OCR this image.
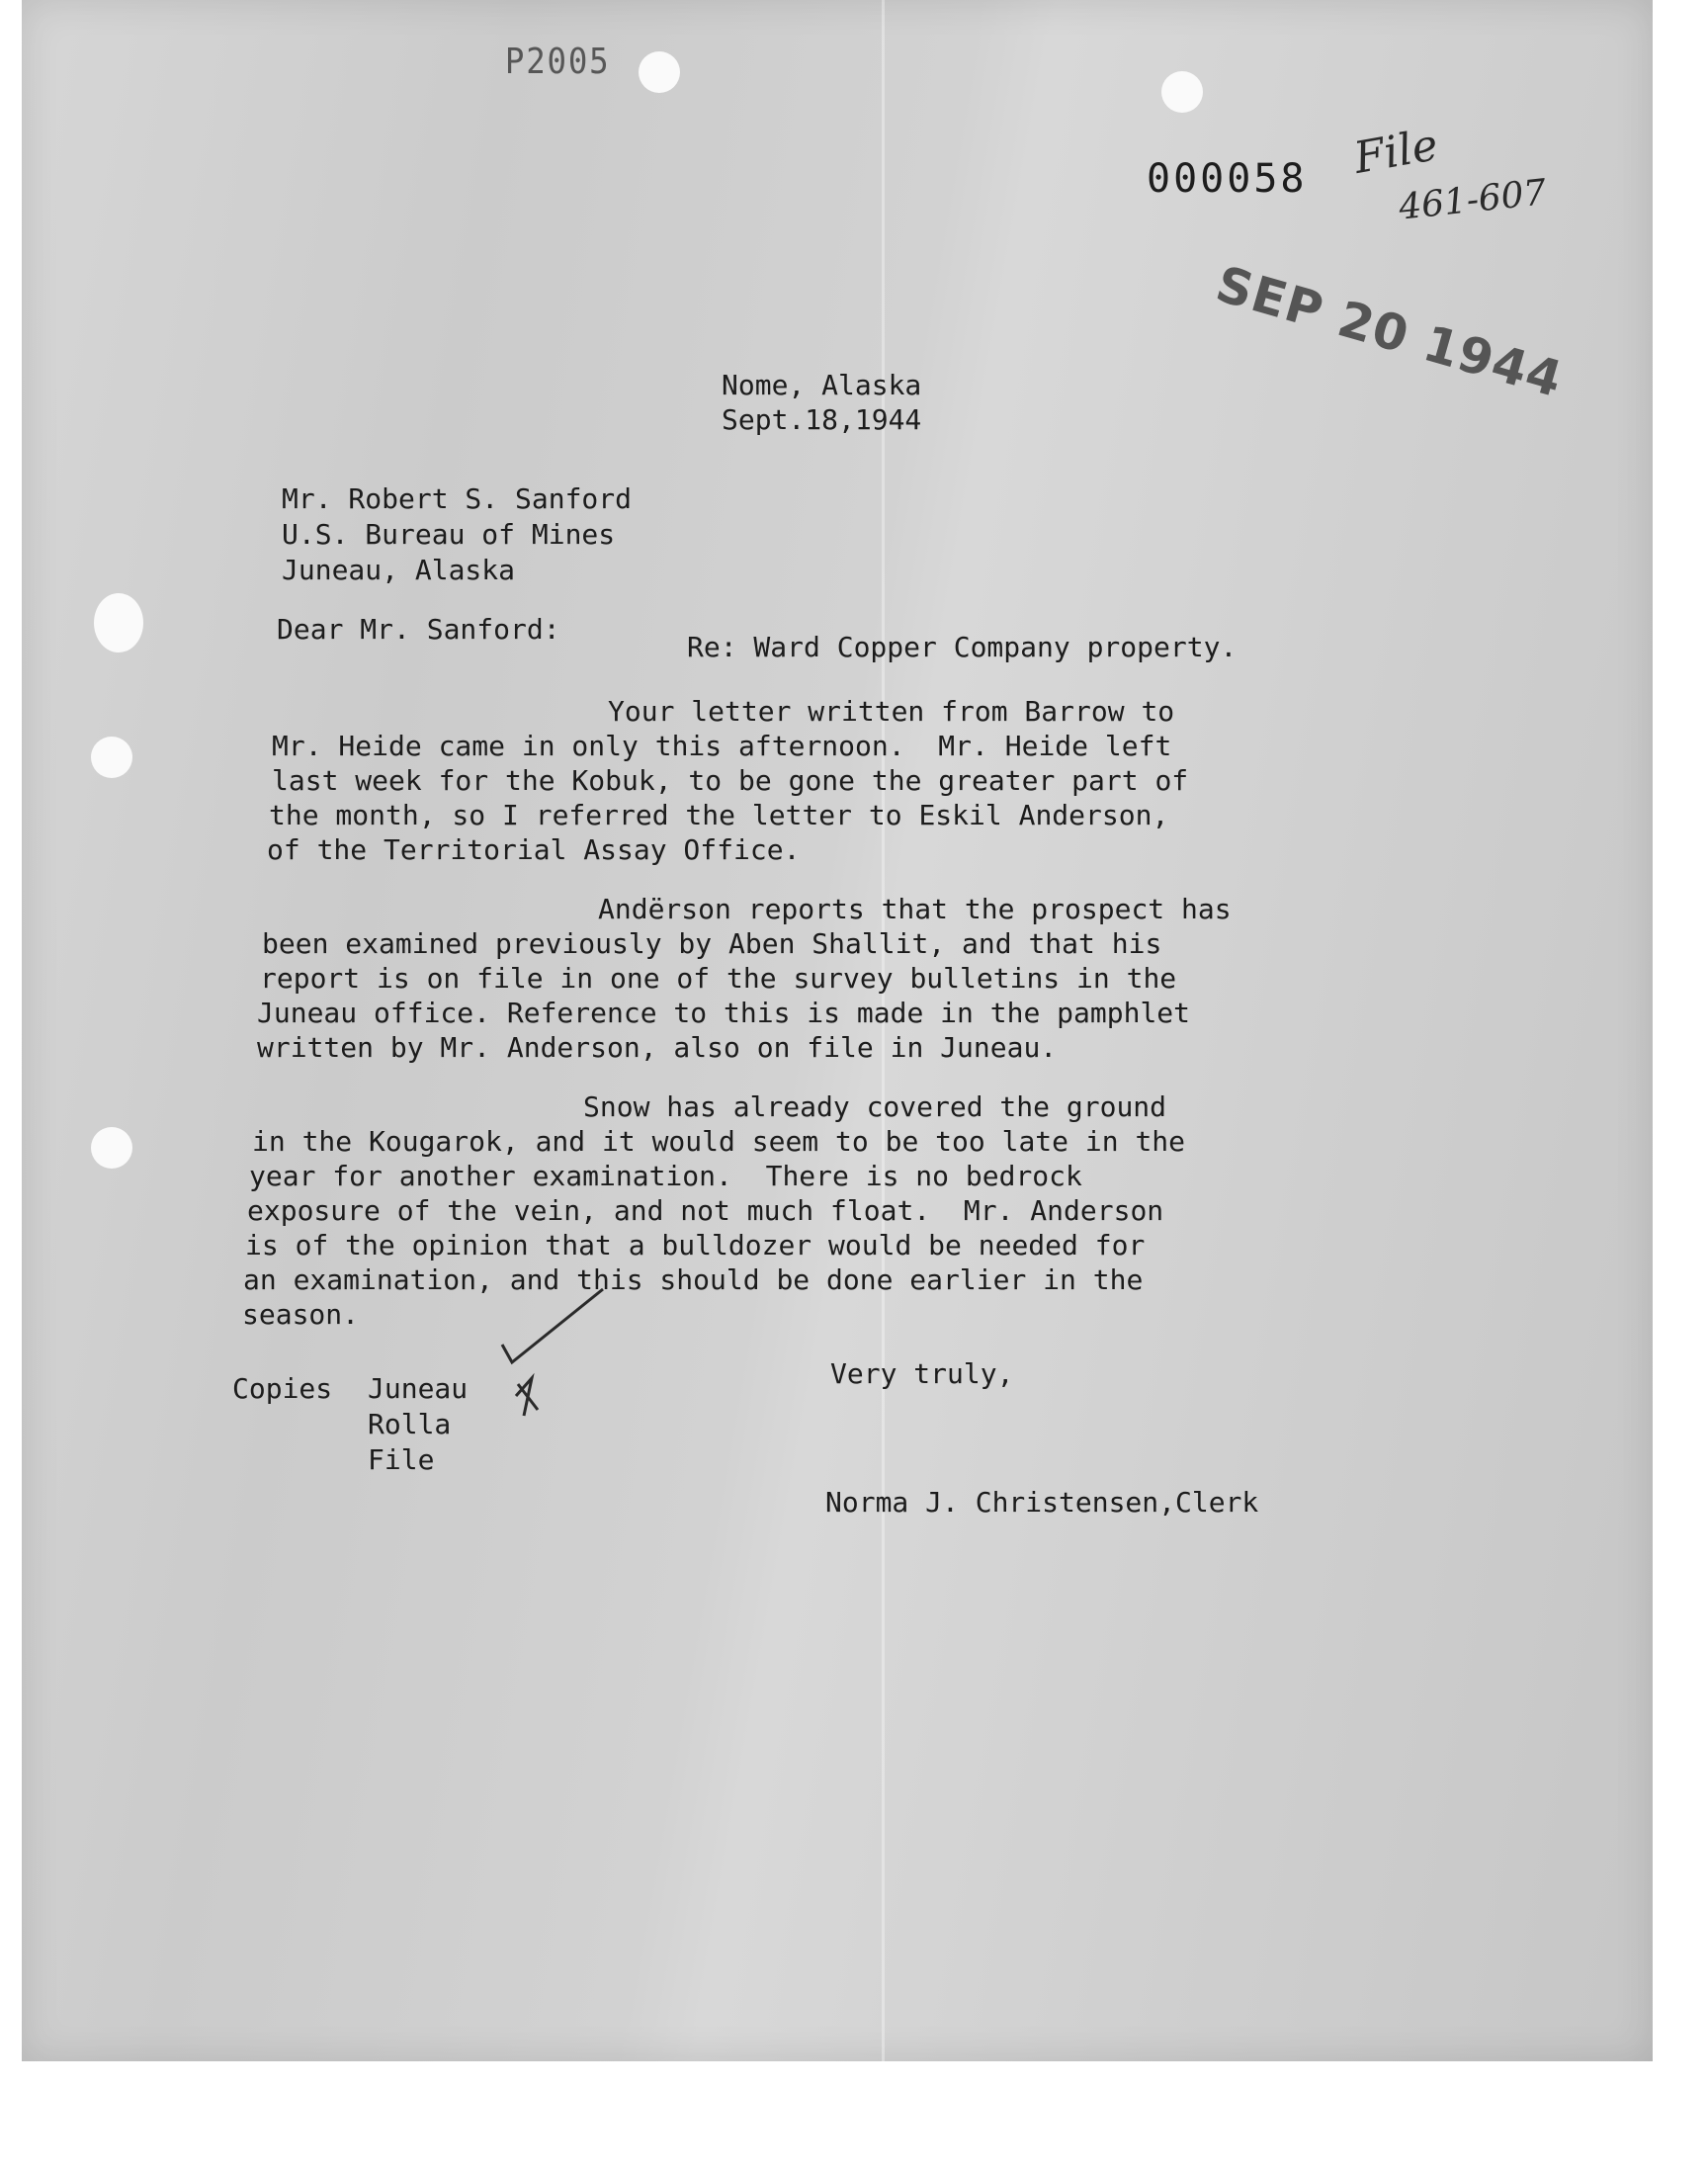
P2005
000058 File
461-607
SEP 20 1944
Nome, Alaska
Sept.18,1944
Mr. Robert S. Sanford
U.S. Bureau of Mines
Juneau, Alaska
Dear Mr. Sanford:
Re: Ward Copper Company property.
Your letter written from Barrow to
Mr. Heide came in only this afternoon.  Mr. Heide left
last week for the Kobuk, to be gone the greater part of
the month, so I referred the letter to Eskil Anderson,
of the Territorial Assay Office.
Andërson reports that the prospect has
been examined previously by Aben Shallit, and that his
report is on file in one of the survey bulletins in the
Juneau office. Reference to this is made in the pamphlet
written by Mr. Anderson, also on file in Juneau.
Snow has already covered the ground
in the Kougarok, and it would seem to be too late in the
year for another examination.  There is no bedrock
exposure of the vein, and not much float.  Mr. Anderson
is of the opinion that a bulldozer would be needed for
an examination, and this should be done earlier in the
season.
Copies Juneau
Rolla
File
Very truly,
Norma J. Christensen,Clerk
